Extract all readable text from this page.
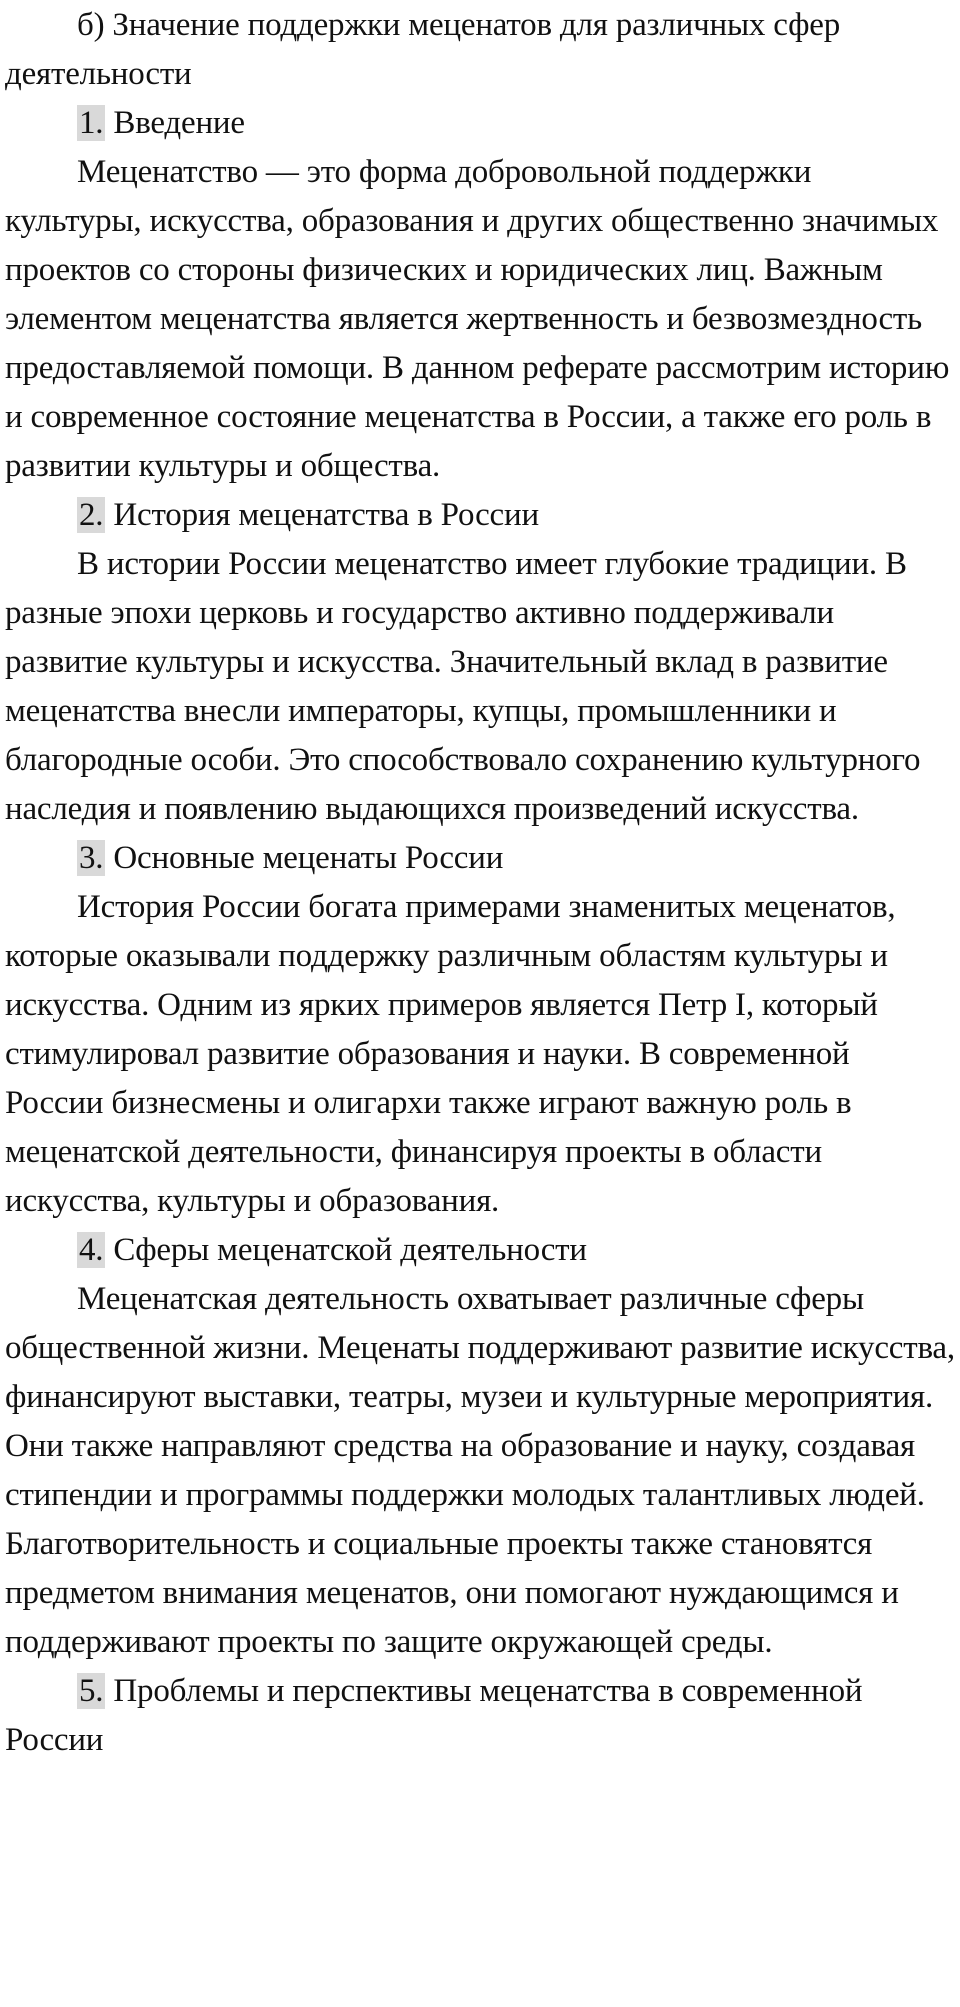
б) Значение поддержки меценатов для различных сфер деятельности

1. Введение

Меценатство — это форма добровольной поддержки культуры, искусства, образования и других общественно значимых проектов со стороны физических и юридических лиц. Важным элементом меценатства является жертвенность и безвозмездность предоставляемой помощи. В данном реферате рассмотрим историю и современное состояние меценатства в России, а также его роль в развитии культуры и общества.

2. История меценатства в России

В истории России меценатство имеет глубокие традиции. В разные эпохи церковь и государство активно поддерживали развитие культуры и искусства. Значительный вклад в развитие меценатства внесли императоры, купцы, промышленники и благородные особи. Это способствовало сохранению культурного наследия и появлению выдающихся произведений искусства.

3. Основные меценаты России

История России богата примерами знаменитых меценатов, которые оказывали поддержку различным областям культуры и искусства. Одним из ярких примеров является Петр I, который стимулировал развитие образования и науки. В современной России бизнесмены и олигархи также играют важную роль в меценатской деятельности, финансируя проекты в области искусства, культуры и образования.

4. Сферы меценатской деятельности

Меценатская деятельность охватывает различные сферы общественной жизни. Меценаты поддерживают развитие искусства, финансируют выставки, театры, музеи и культурные мероприятия. Они также направляют средства на образование и науку, создавая стипендии и программы поддержки молодых талантливых людей.

Благотворительность и социальные проекты также становятся предметом внимания меценатов, они помогают нуждающимся и поддерживают проекты по защите окружающей среды.

5. Проблемы и перспективы меценатства в современной России
